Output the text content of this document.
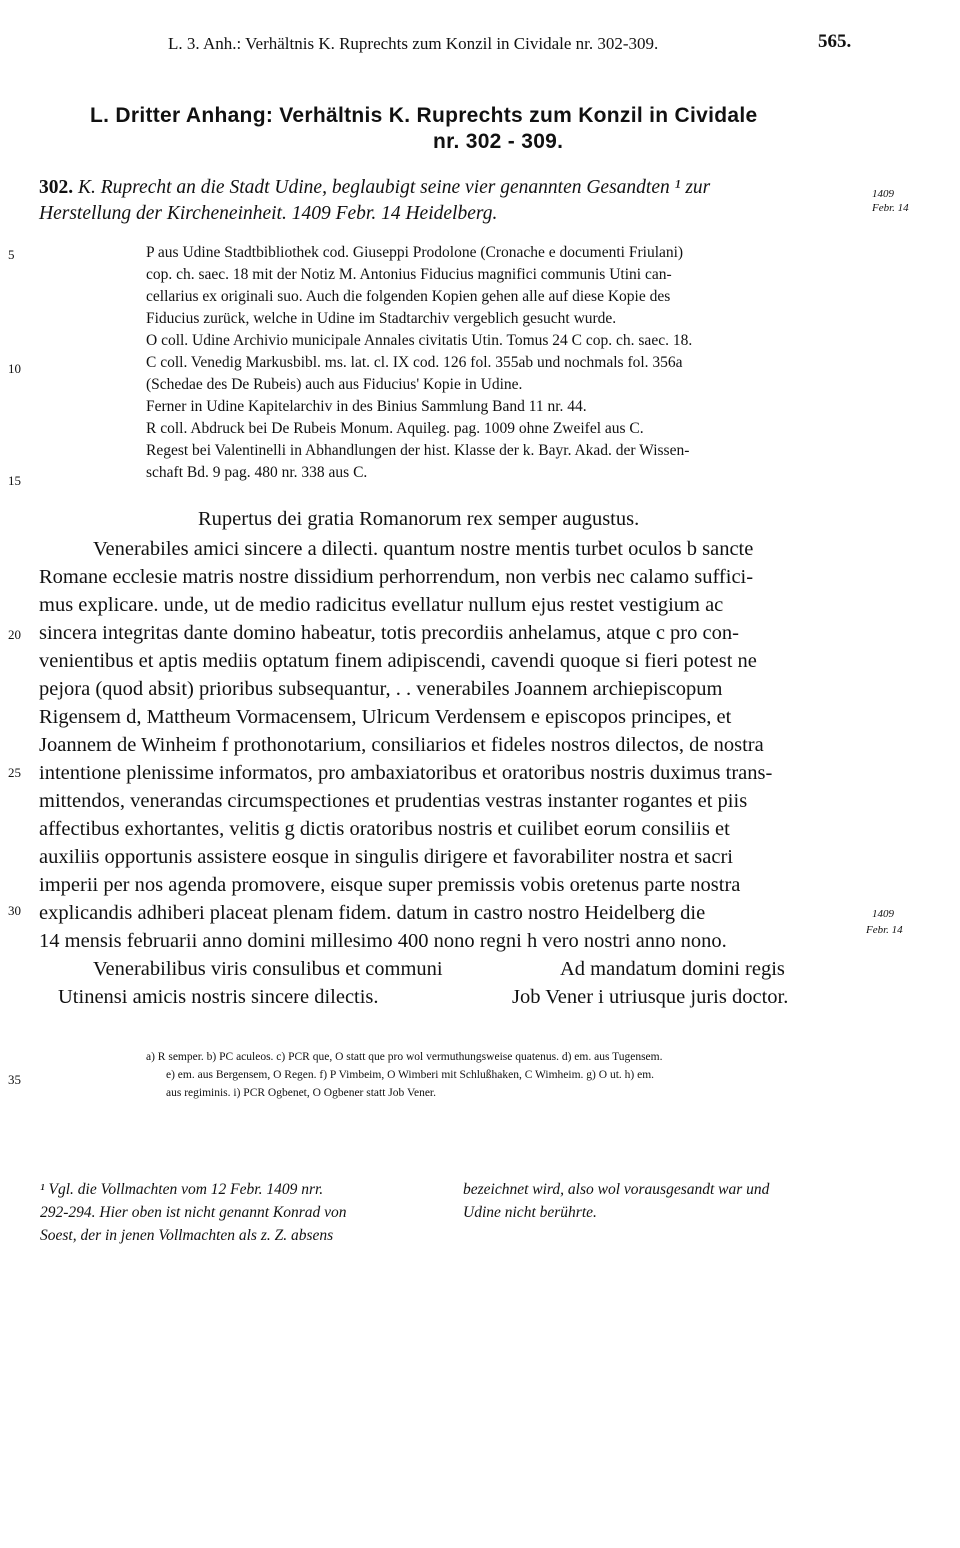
L. 3. Anh.: Verhältnis K. Ruprechts zum Konzil in Cividale nr. 302-309.	565.
L. Dritter Anhang: Verhältnis K. Ruprechts zum Konzil in Cividale
nr. 302 - 309.
302. K. Ruprecht an die Stadt Udine, beglaubigt seine vier genannten Gesandten ¹ zur
Herstellung der Kircheneinheit. 1409 Febr. 14 Heidelberg.
1409
Febr. 14
1409
Febr. 14
5
10
15
20
25
30
35
P aus Udine Stadtbibliothek cod. Giuseppi Prodolone (Cronache e documenti Friulani)
cop. ch. saec. 18 mit der Notiz M. Antonius Fiducius magnifici communis Utini can-
cellarius ex originali suo. Auch die folgenden Kopien gehen alle auf diese Kopie des
Fiducius zurück, welche in Udine im Stadtarchiv vergeblich gesucht wurde.
O coll. Udine Archivio municipale Annales civitatis Utin. Tomus 24 C cop. ch. saec. 18.
C coll. Venedig Markusbibl. ms. lat. cl. IX cod. 126 fol. 355ab und nochmals fol. 356a
(Schedae des De Rubeis) auch aus Fiducius' Kopie in Udine.
Ferner in Udine Kapitelarchiv in des Binius Sammlung Band 11 nr. 44.
R coll. Abdruck bei De Rubeis Monum. Aquileg. pag. 1009 ohne Zweifel aus C.
Regest bei Valentinelli in Abhandlungen der hist. Klasse der k. Bayr. Akad. der Wissen-
schaft Bd. 9 pag. 480 nr. 338 aus C.
Rupertus dei gratia Romanorum rex semper augustus.
Venerabiles amici sincere a dilecti. quantum nostre mentis turbet oculos b sancte
Romane ecclesie matris nostre dissidium perhorrendum, non verbis nec calamo suffici-
mus explicare. unde, ut de medio radicitus evellatur nullum ejus restet vestigium ac
sincera integritas dante domino habeatur, totis precordiis anhelamus, atque c pro con-
venientibus et aptis mediis optatum finem adipiscendi, cavendi quoque si fieri potest ne
pejora (quod absit) prioribus subsequantur, . . venerabiles Joannem archiepiscopum
Rigensem d, Mattheum Vormacensem, Ulricum Verdensem e episcopos principes, et
Joannem de Winheim f prothonotarium, consiliarios et fideles nostros dilectos, de nostra
intentione plenissime informatos, pro ambaxiatoribus et oratoribus nostris duximus trans-
mittendos, venerandas circumspectiones et prudentias vestras instanter rogantes et piis
affectibus exhortantes, velitis g dictis oratoribus nostris et cuilibet eorum consiliis et
auxiliis opportunis assistere eosque in singulis dirigere et favorabiliter nostra et sacri
imperii per nos agenda promovere, eisque super premissis vobis oretenus parte nostra
explicandis adhiberi placeat plenam fidem. datum in castro nostro Heidelberg die
14 mensis februarii anno domini millesimo 400 nono regni h vero nostri anno nono.
Venerabilibus viris consulibus et communi
Utinensi amicis nostris sincere dilectis.
Ad mandatum domini regis
Job Vener i utriusque juris doctor.
a) R semper. b) PC aculeos. c) PCR que, O statt que pro wol vermuthungsweise quatenus. d) em. aus Tugensem.
e) em. aus Bergensem, O Regen. f) P Vimbeim, O Wimberi mit Schlußhaken, C Wimheim. g) O ut. h) em.
aus regiminis. i) PCR Ogbenet, O Ogbener statt Job Vener.
¹ Vgl. die Vollmachten vom 12 Febr. 1409 nrr.
292-294. Hier oben ist nicht genannt Konrad von
Soest, der in jenen Vollmachten als z. Z. absens
bezeichnet wird, also wol vorausgesandt war und
Udine nicht berührte.
